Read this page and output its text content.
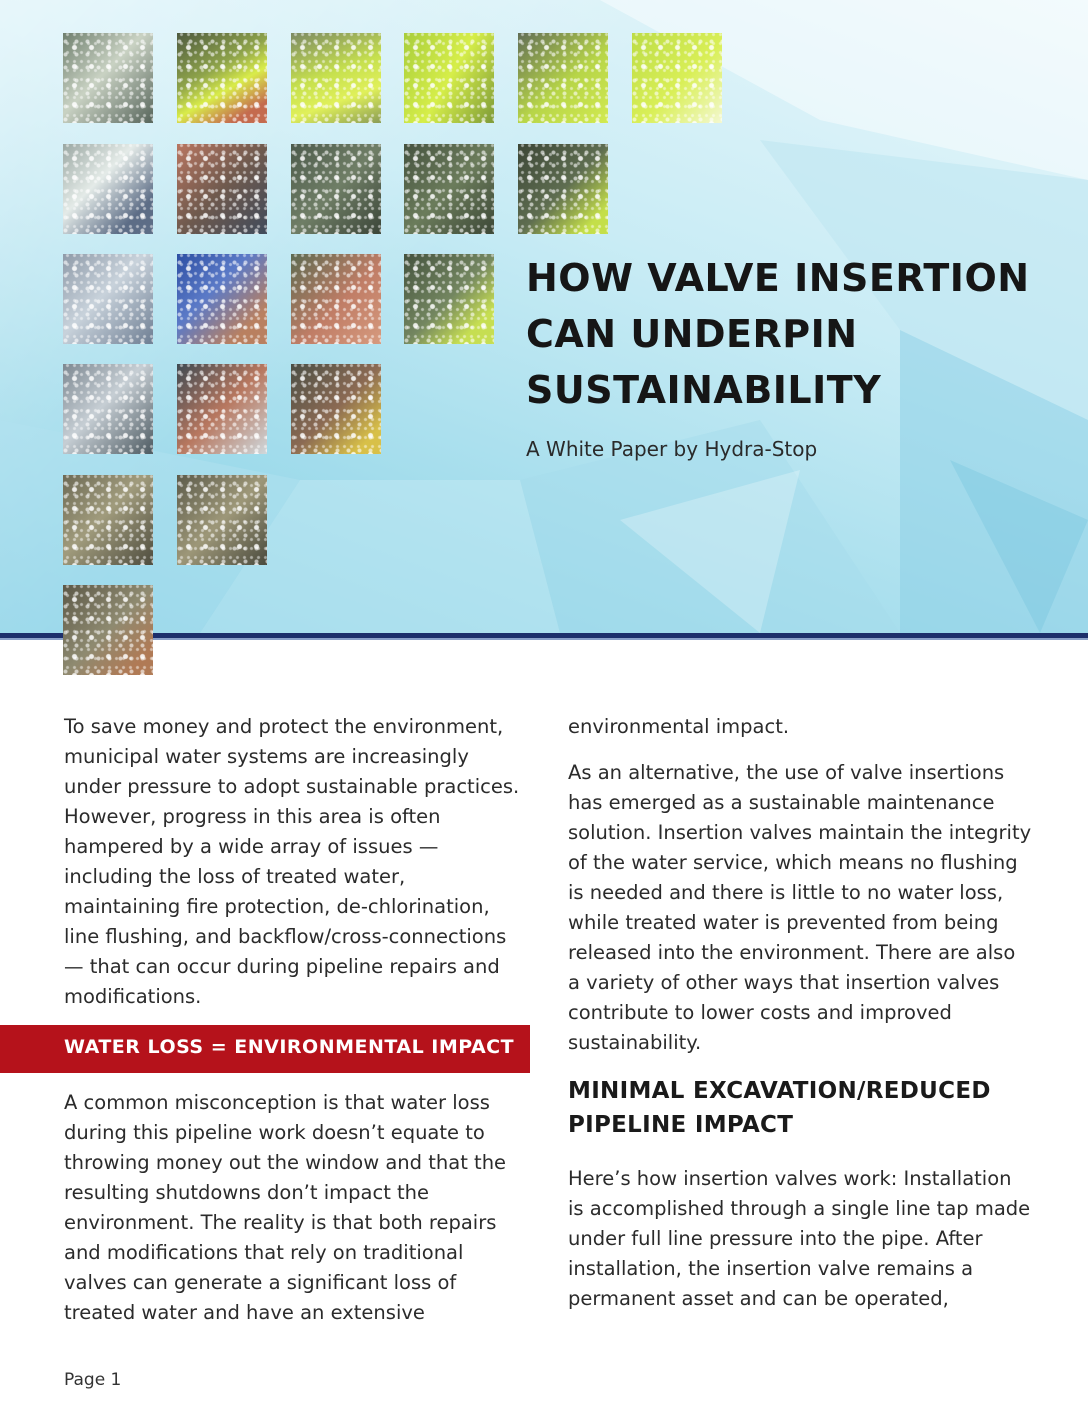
HOW VALVE INSERTION CAN UNDERPIN SUSTAINABILITY
A White Paper by Hydra-Stop

To save money and protect the environment, municipal water systems are increasingly under pressure to adopt sustainable practices. However, progress in this area is often hampered by a wide array of issues — including the loss of treated water, maintaining fire protection, de-chlorination, line flushing, and backflow/cross-connections — that can occur during pipeline repairs and modifications.

WATER LOSS = ENVIRONMENTAL IMPACT

A common misconception is that water loss during this pipeline work doesn’t equate to throwing money out the window and that the resulting shutdowns don’t impact the environment. The reality is that both repairs and modifications that rely on traditional valves can generate a significant loss of treated water and have an extensive

environmental impact.

As an alternative, the use of valve insertions has emerged as a sustainable maintenance solution. Insertion valves maintain the integrity of the water service, which means no flushing is needed and there is little to no water loss, while treated water is prevented from being released into the environment. There are also a variety of other ways that insertion valves contribute to lower costs and improved sustainability.

MINIMAL EXCAVATION/REDUCED PIPELINE IMPACT

Here’s how insertion valves work: Installation is accomplished through a single line tap made under full line pressure into the pipe. After installation, the insertion valve remains a permanent asset and can be operated,

Page 1
